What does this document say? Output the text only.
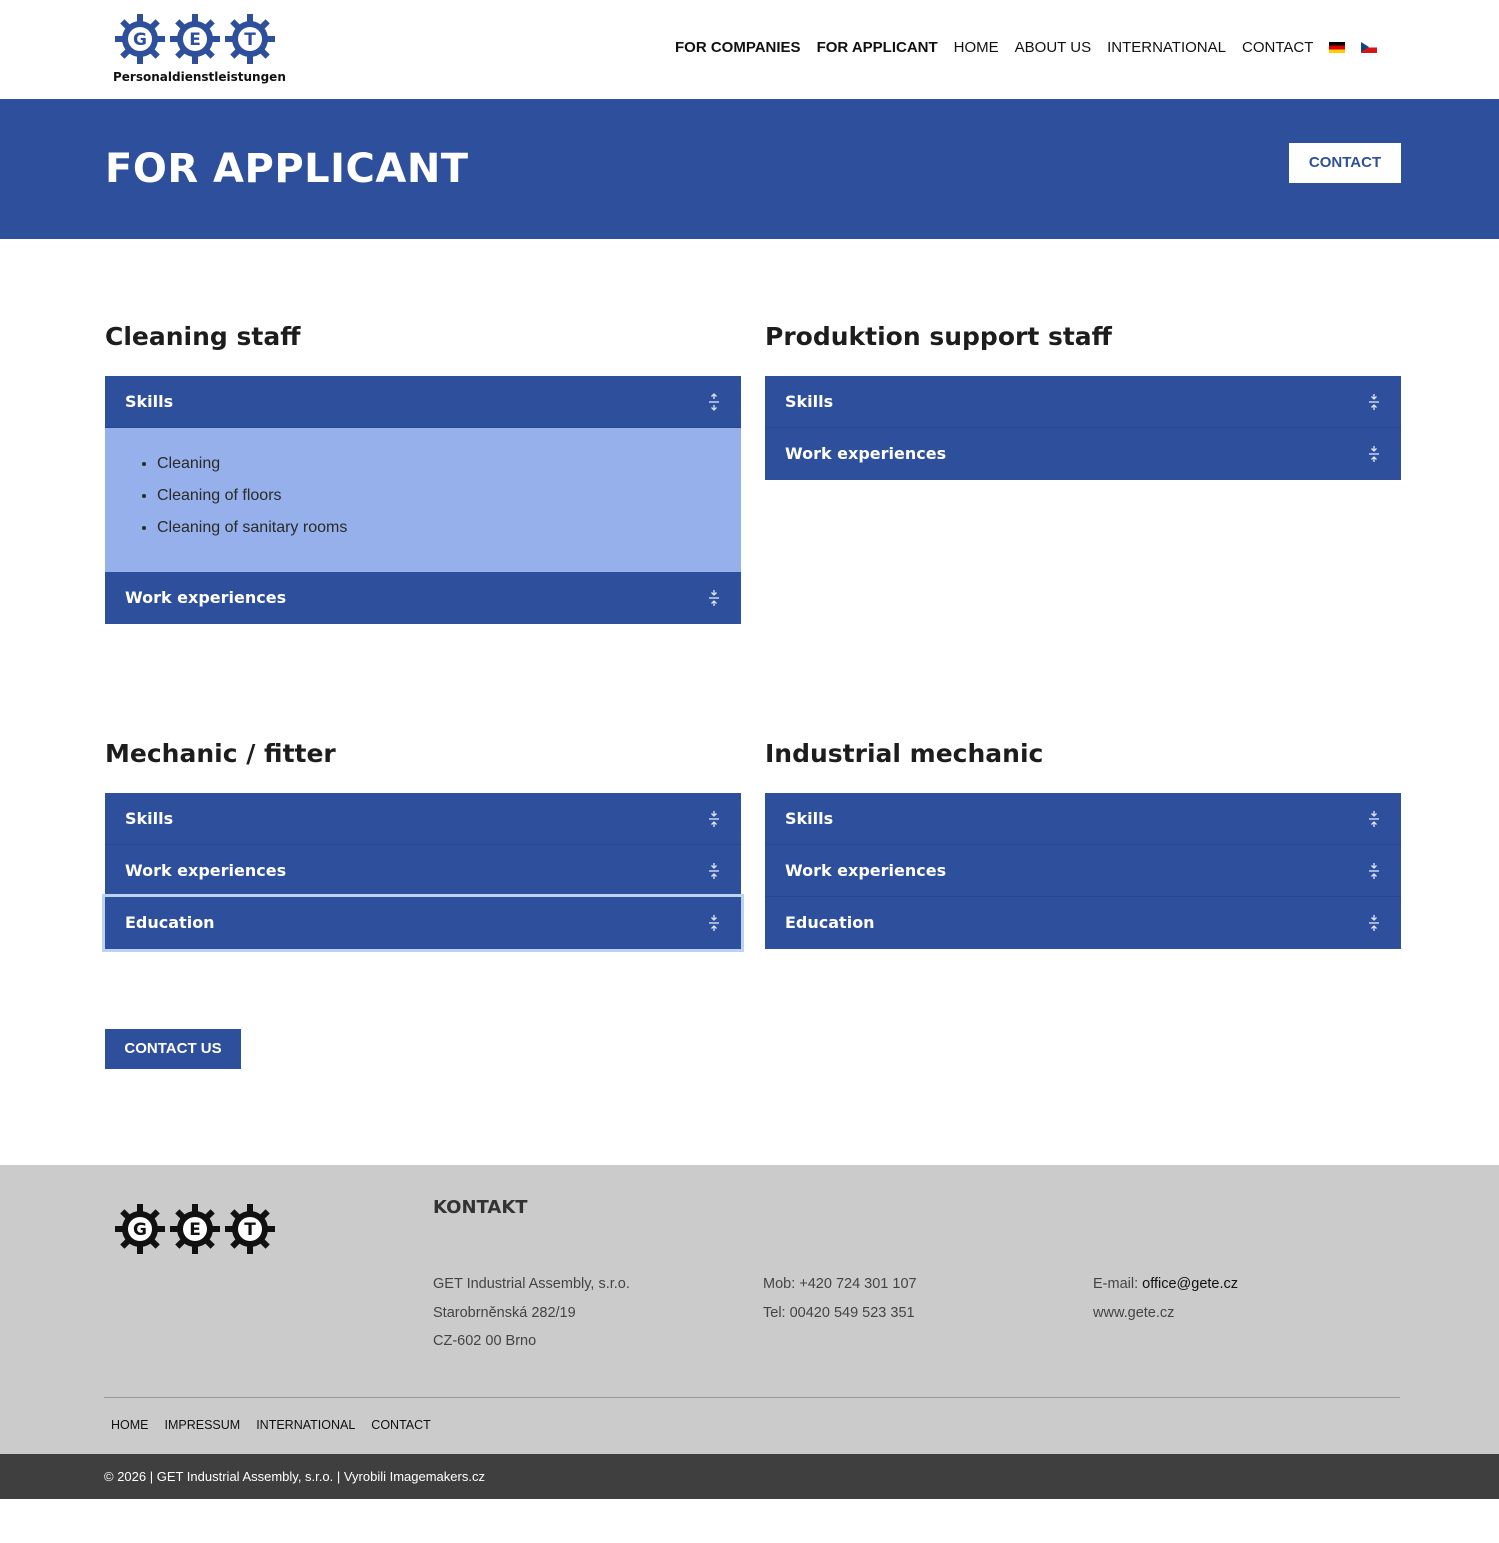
G E	T
Personaldienstleistungen
FOR COMPANIES FOR APPLICANT HOME ABOUT US INTERNATIONAL CONTACT
FOR APPLICANT	CONTACT
Cleaning staff
Skills
• Cleaning
• Cleaning of floors
• Cleaning of sanitary rooms
Work experiences
Produktion support staff
Skills
Work experiences
Mechanic / fitter
Skills
Work experiences
Education
Industrial mechanic
Skills
Work experiences
Education
CONTACT US
G E	T
KONTAKT
GET Industrial Assembly, s.r.o.
Starobrněnská 282/19
CZ-602 00 Brno
Mob: +420 724 301 107
Tel: 00420 549 523 351
E-mail: office@gete.cz
www.gete.cz
HOME IMPRESSUM INTERNATIONAL CONTACT
© 2026 | GET Industrial Assembly, s.r.o. | Vyrobili Imagemakers.cz
